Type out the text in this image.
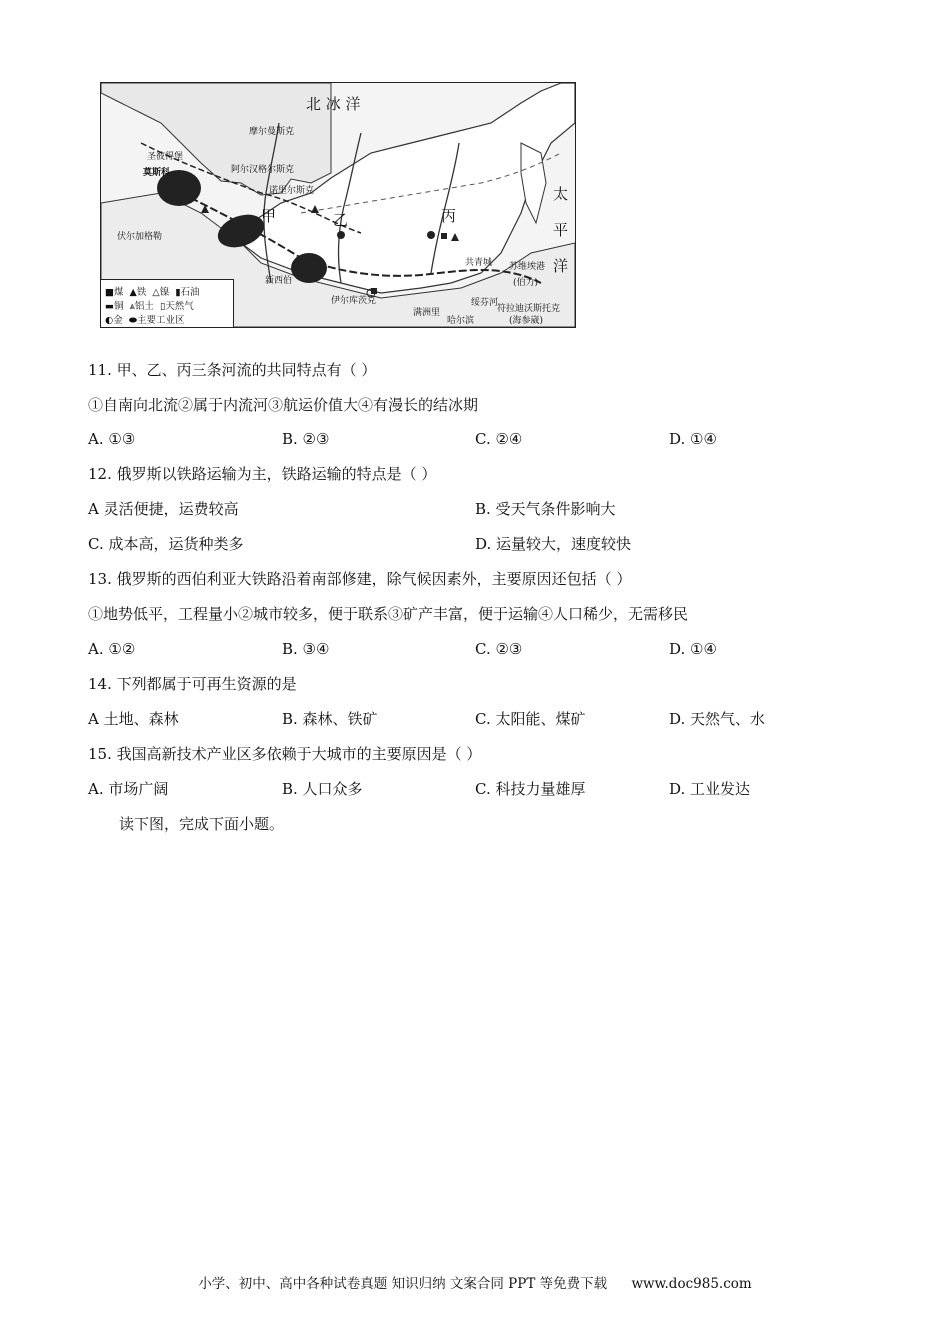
北 冰 洋
太
平
洋
甲	乙	丙
摩尔曼斯克
圣彼得堡
莫斯科	阿尔汉格尔斯克
诺里尔斯克
伏尔加格勒
新西伯
伊尔库茨克
共青城 苏维埃港
(伯力)
绥芬河
符拉迪沃斯托克
(海参崴)
满洲里
哈尔滨
■煤  ▲铁  △镍  ▮石油
▬铜  ⩓铝土  ▯天然气
◐金  ⬬主要工业区
11. 甲、乙、丙三条河流的共同特点有（ ）
①自南向北流②属于内流河③航运价值大④有漫长的结冰期
A. ①③	B. ②③	C. ②④	D. ①④
12. 俄罗斯以铁路运输为主，铁路运输的特点是（ ）
A 灵活便捷，运费较高	B. 受天气条件影响大
C. 成本高，运货种类多	D. 运量较大，速度较快
13. 俄罗斯的西伯利亚大铁路沿着南部修建，除气候因素外，主要原因还包括（ ）
①地势低平，工程量小②城市较多，便于联系③矿产丰富，便于运输④人口稀少，无需移民
A. ①②	B. ③④	C. ②③	D. ①④
14. 下列都属于可再生资源的是
A 土地、森林	B. 森林、铁矿	C. 太阳能、煤矿	D. 天然气、水
15. 我国高新技术产业区多依赖于大城市的主要原因是（ ）
A. 市场广阔	B. 人口众多	C. 科技力量雄厚	D. 工业发达
读下图，完成下面小题。
小学、初中、高中各种试卷真题 知识归纳 文案合同 PPT 等免费下载 www.doc985.com
